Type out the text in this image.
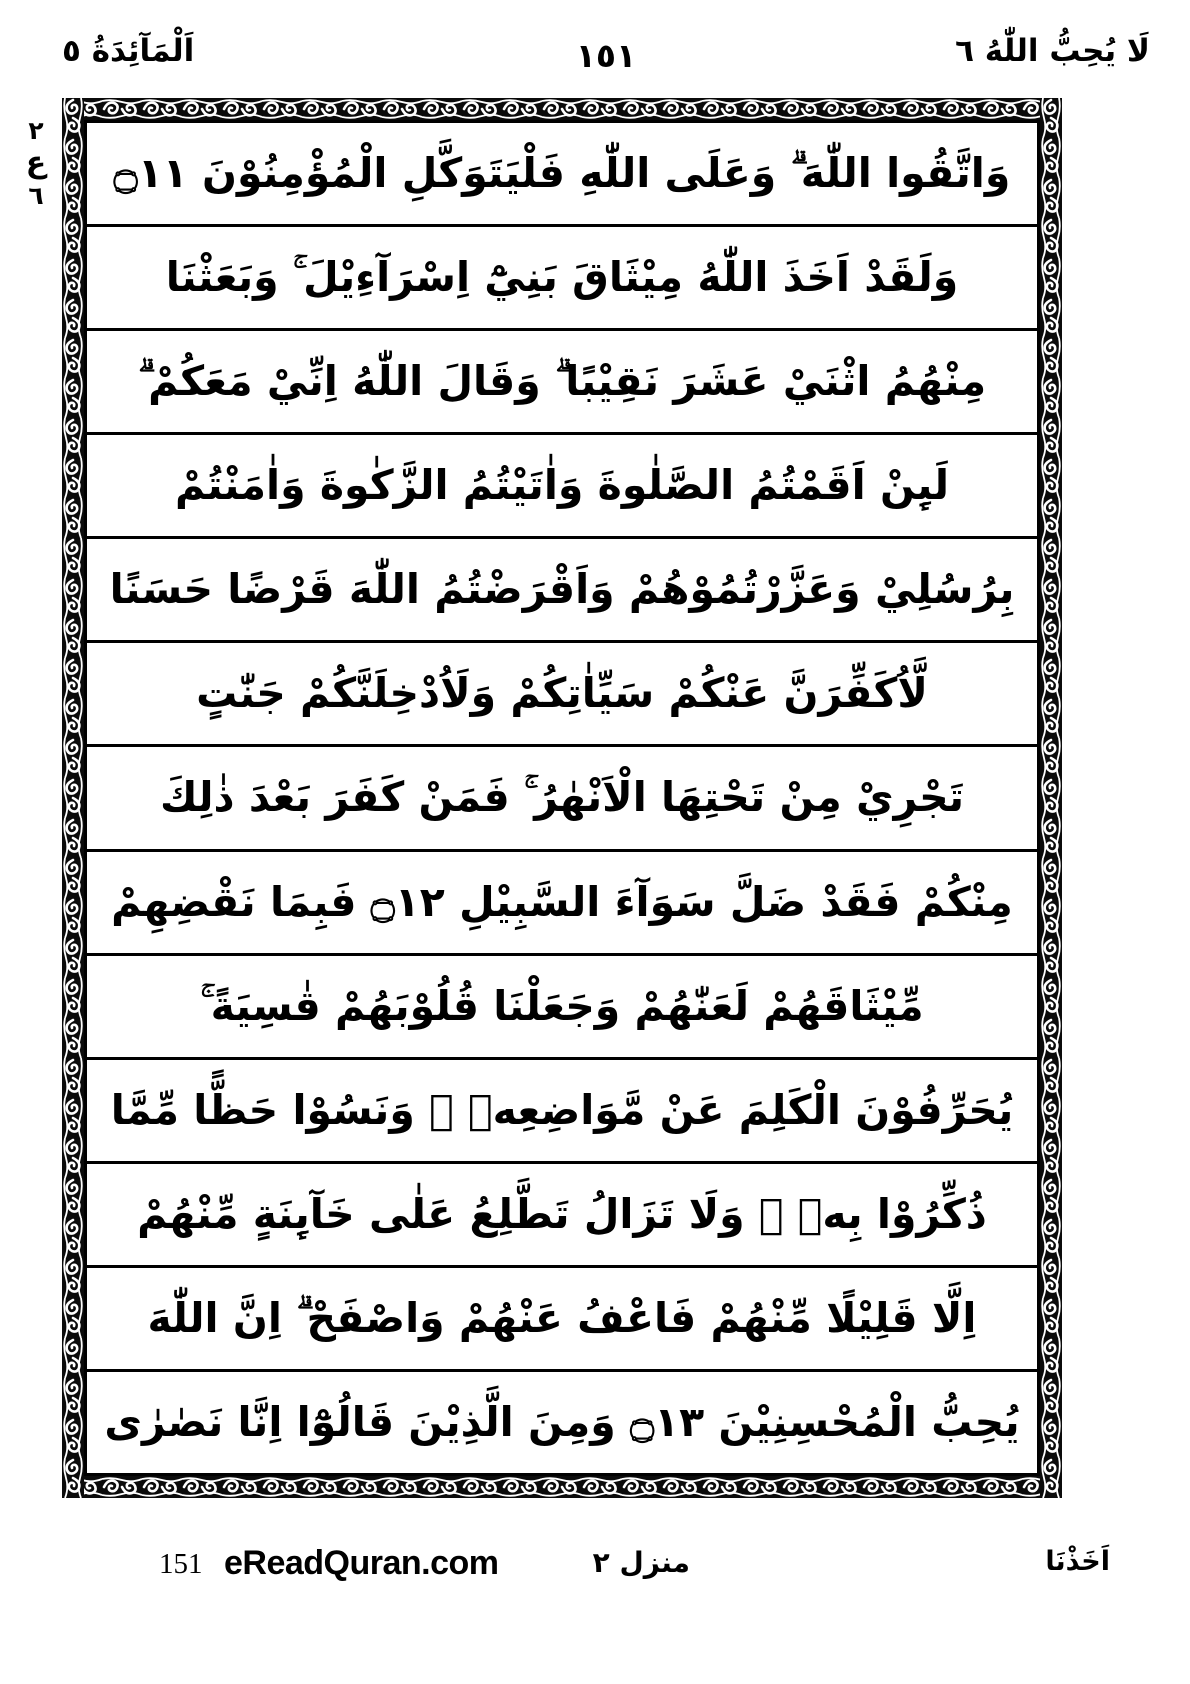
لَا يُحِبُّ اللّٰهُ ٦
١٥١
اَلْمَآئِدَةُ ٥
٢
ع
٦	وَاتَّقُوا اللّٰهَ ۗ وَعَلَى اللّٰهِ فَلْيَتَوَكَّلِ الْمُؤْمِنُوْنَ ۝١١
وَلَقَدْ اَخَذَ اللّٰهُ مِيْثَاقَ بَنِيْٓ اِسْرَآءِيْلَ ۚ وَبَعَثْنَا
مِنْهُمُ اثْنَيْ عَشَرَ نَقِيْبًا ۗ وَقَالَ اللّٰهُ اِنِّيْ مَعَكُمْ ۗ
لَىِٕنْ اَقَمْتُمُ الصَّلٰوةَ وَاٰتَيْتُمُ الزَّكٰوةَ وَاٰمَنْتُمْ
بِرُسُلِيْ وَعَزَّرْتُمُوْهُمْ وَاَقْرَضْتُمُ اللّٰهَ قَرْضًا حَسَنًا
لَّاُكَفِّرَنَّ عَنْكُمْ سَيِّاٰتِكُمْ وَلَاُدْخِلَنَّكُمْ جَنّٰتٍ
تَجْرِيْ مِنْ تَحْتِهَا الْاَنْهٰرُ ۚ فَمَنْ كَفَرَ بَعْدَ ذٰلِكَ
مِنْكُمْ فَقَدْ ضَلَّ سَوَآءَ السَّبِيْلِ ۝١٢ فَبِمَا نَقْضِهِمْ
مِّيْثَاقَهُمْ لَعَنّٰهُمْ وَجَعَلْنَا قُلُوْبَهُمْ قٰسِيَةً ۚ
يُحَرِّفُوْنَ الْكَلِمَ عَنْ مَّوَاضِعِهٖ ۙ وَنَسُوْا حَظًّا مِّمَّا
ذُكِّرُوْا بِهٖ ۚ وَلَا تَزَالُ تَطَّلِعُ عَلٰى خَآىِٕنَةٍ مِّنْهُمْ
اِلَّا قَلِيْلًا مِّنْهُمْ فَاعْفُ عَنْهُمْ وَاصْفَحْ ۗ اِنَّ اللّٰهَ
يُحِبُّ الْمُحْسِنِيْنَ ۝١٣ وَمِنَ الَّذِيْنَ قَالُوْٓا اِنَّا نَصٰرٰى
اَخَذْنَا
منزل ٢
eReadQuran.com
151
